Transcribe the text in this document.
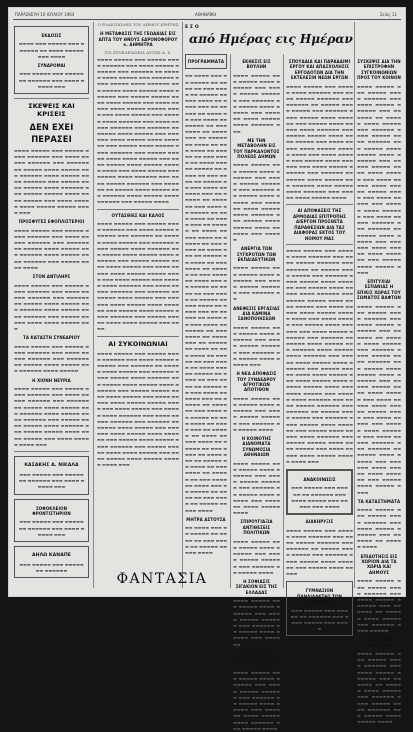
ΠΑΡΑΣΚΕΥΗ 10 ΙΟΥΛΙΟΥ 1964	ΑΘΗΝΑΪΚΗ	Σελίς 11
από Ημέρας εις Ημέραν
ΕΚΔΟΣΙΣ
▬▬▬▬ ▬▬▬ ▬▬▬▬▬ ▬▬▬ ▬▬▬▬▬▬ ▬▬ ▬▬▬▬ ▬▬▬▬▬ ▬▬▬ ▬▬▬▬
ΣΥΝΔΡΟΜΑΙ
▬▬▬ ▬▬▬▬▬ ▬▬▬ ▬▬▬▬▬ ▬▬ ▬▬▬▬▬▬ ▬▬▬ ▬▬▬▬ ▬▬▬▬▬ ▬▬▬
ΣΚΕΨΕΙΣ ΚΑΙ ΚΡΙΣΕΙΣ
ΔΕΝ ΕΧΕΙ ΠΕΡΑΣΕΙ
▬▬▬▬ ▬▬▬▬▬ ▬▬▬ ▬▬▬▬▬ ▬▬▬▬ ▬▬▬▬▬▬ ▬▬▬ ▬▬▬▬ ▬▬▬▬▬ ▬▬▬▬▬▬ ▬▬▬ ▬▬▬▬▬▬ ▬▬ ▬▬▬▬▬ ▬▬▬▬ ▬▬▬▬▬ ▬▬▬ ▬▬▬▬▬▬ ▬▬▬▬ ▬▬▬▬▬ ▬▬▬▬ ▬▬▬▬▬▬ ▬▬▬ ▬▬▬▬▬ ▬▬▬▬ ▬▬▬▬▬ ▬▬▬▬ ▬▬▬▬▬▬ ▬▬▬ ▬▬▬▬▬ ▬▬▬▬▬ ▬▬▬▬ ▬▬▬▬ ▬▬▬▬▬ ▬▬▬ ▬▬▬▬ ▬▬▬▬▬ ▬▬▬▬ ▬▬▬▬▬ ▬▬▬▬▬ ▬▬▬▬ ▬▬▬
ΠΡΟΣΦΥΓΕΣ ΕΦΟΠΛΙΣΤΕΡΙΟΙ
▬▬▬▬ ▬▬▬▬▬ ▬▬▬ ▬▬▬▬▬ ▬▬▬▬ ▬▬▬▬▬▬ ▬▬▬ ▬▬▬▬ ▬▬▬▬▬ ▬▬▬▬▬▬ ▬▬▬ ▬▬▬▬▬▬ ▬▬ ▬▬▬▬▬ ▬▬▬▬ ▬▬▬▬▬ ▬▬▬ ▬▬▬▬▬▬ ▬▬▬▬ ▬▬▬▬▬ ▬▬▬▬ ▬▬▬▬▬▬ ▬▬▬ ▬▬▬▬▬ ▬▬▬▬ ▬▬▬▬
ΣΤΟΝ ΑΝΤΙΛΗΡΣ
▬▬▬▬ ▬▬▬▬▬ ▬▬▬ ▬▬▬▬▬ ▬▬▬▬ ▬▬▬▬▬▬ ▬▬▬ ▬▬▬▬ ▬▬▬▬▬ ▬▬▬▬▬▬ ▬▬▬ ▬▬▬▬▬▬ ▬▬ ▬▬▬▬▬ ▬▬▬▬ ▬▬▬▬▬ ▬▬▬ ▬▬▬▬▬▬ ▬▬▬▬ ▬▬▬▬▬ ▬▬▬▬ ▬▬▬▬▬▬ ▬▬▬ ▬▬▬▬▬ ▬▬▬▬▬ ▬▬▬▬ ▬▬▬▬ ▬▬▬▬▬ ▬▬▬
ΤΑ ΚΑΤΑΣΤΗ ΣΥΝΕΔΡΙΟΥ
▬▬▬▬ ▬▬▬▬▬ ▬▬▬ ▬▬▬▬▬ ▬▬▬▬ ▬▬▬▬▬▬ ▬▬▬ ▬▬▬▬ ▬▬▬▬▬ ▬▬▬▬▬▬ ▬▬▬ ▬▬▬▬▬▬ ▬▬ ▬▬▬▬▬ ▬▬▬▬ ▬▬▬▬▬ ▬▬▬ ▬▬▬▬▬▬ ▬▬▬▬ ▬▬▬▬▬
Η ΧΙΟΝΗ ΝΕΥΡΙΑ
▬▬▬▬ ▬▬▬▬▬ ▬▬▬ ▬▬▬▬▬ ▬▬▬▬ ▬▬▬▬▬▬ ▬▬▬ ▬▬▬▬ ▬▬▬▬▬ ▬▬▬▬▬▬ ▬▬▬ ▬▬▬▬▬▬ ▬▬ ▬▬▬▬▬ ▬▬▬▬ ▬▬▬▬▬ ▬▬▬ ▬▬▬▬▬▬ ▬▬▬▬ ▬▬▬▬▬ ▬▬▬▬ ▬▬▬▬▬▬ ▬▬▬ ▬▬▬▬▬ ▬▬▬▬ ▬▬▬▬▬ ▬▬▬▬ ▬▬▬▬▬▬ ▬▬▬ ▬▬▬▬▬ ▬▬▬▬▬ ▬▬▬▬ ▬▬▬▬ ▬▬▬▬▬ ▬▬▬ ▬▬▬▬ ▬▬▬▬▬ ▬▬▬▬ ▬▬▬
ΚΑΣΑΚΗΣ Α. ΝΙΚΑΛΑ
▬▬▬ ▬▬▬▬▬ ▬▬▬ ▬▬▬▬▬ ▬▬ ▬▬▬▬▬▬ ▬▬▬ ▬▬▬▬ ▬▬▬▬▬ ▬▬▬
ΣΟΦΟΚΛΕΙΟΝ ΦΡΟΝΤΙΣΤΗΡΙΟΝ
▬▬▬ ▬▬▬▬▬ ▬▬▬ ▬▬▬▬▬ ▬▬ ▬▬▬▬▬▬ ▬▬▬ ▬▬▬▬ ▬▬▬▬▬ ▬▬▬
ΔΗΛΩ ΚΑΝΑΠΕ
▬▬▬ ▬▬▬▬▬ ▬▬▬ ▬▬▬▬▬ ▬▬ ▬▬▬▬▬▬
Ο ΕΛΑΙΟΠΩΛΗΣ ΤΟΥ ΔΗΜΟΥ ΚΡΗΤΗΣ
Η ΜΕΤΑΦΑΣΙΣ ΤΗΣ ΓΕΩΔΑΙΑΣ ΕΙΣ ΑΠΤΑ ΤΟΥ ΘΝΟΥΣ ΕΔΡΟΝΟΦΟΡΟΥ κ. ΔΗΜΗΤΡΑ
ΤΙΣ ΣΥΝΕΔΡΙΑΣΕΙΣ ΑΥΤΗΣ Α. Σ.
▬▬▬▬ ▬▬▬▬▬ ▬▬▬ ▬▬▬▬▬ ▬▬▬▬ ▬▬▬▬▬▬ ▬▬▬ ▬▬▬▬ ▬▬▬▬▬ ▬▬▬▬▬▬ ▬▬▬ ▬▬▬▬▬▬ ▬▬ ▬▬▬▬▬ ▬▬▬▬ ▬▬▬▬▬ ▬▬▬ ▬▬▬▬▬▬ ▬▬▬▬ ▬▬▬▬▬ ▬▬▬▬ ▬▬▬▬▬▬ ▬▬▬ ▬▬▬▬▬ ▬▬▬▬ ▬▬▬▬▬ ▬▬▬▬ ▬▬▬▬▬▬ ▬▬▬ ▬▬▬▬▬ ▬▬▬▬▬ ▬▬▬▬ ▬▬▬▬ ▬▬▬▬▬ ▬▬▬ ▬▬▬▬ ▬▬▬▬▬ ▬▬▬▬ ▬▬▬▬▬ ▬▬▬▬▬ ▬▬▬▬ ▬▬▬ ▬▬▬▬ ▬▬▬▬▬ ▬▬▬ ▬▬▬▬▬ ▬▬▬▬ ▬▬▬▬▬▬ ▬▬▬ ▬▬▬▬ ▬▬▬▬▬ ▬▬▬▬▬▬ ▬▬▬ ▬▬▬▬▬▬ ▬▬ ▬▬▬▬▬ ▬▬▬▬ ▬▬▬▬▬ ▬▬▬ ▬▬▬▬▬▬ ▬▬▬▬ ▬▬▬▬▬ ▬▬▬▬ ▬▬▬▬▬▬ ▬▬▬ ▬▬▬▬▬ ▬▬▬▬ ▬▬▬▬▬ ▬▬▬▬ ▬▬▬▬▬▬ ▬▬▬ ▬▬▬▬▬ ▬▬▬▬▬ ▬▬▬▬ ▬▬▬▬ ▬▬▬▬▬ ▬▬▬ ▬▬▬▬ ▬▬▬▬▬ ▬▬▬▬ ▬▬▬▬▬ ▬▬▬▬▬ ▬▬▬▬ ▬▬▬ ▬▬▬▬ ▬▬▬▬▬ ▬▬▬ ▬▬▬▬▬ ▬▬▬▬ ▬▬▬▬▬▬ ▬▬▬ ▬▬▬▬ ▬▬▬▬▬ ▬▬▬▬▬▬ ▬▬▬ ▬▬▬▬▬▬ ▬▬ ▬▬▬▬▬ ▬▬▬▬ ▬▬▬▬▬ ▬▬▬ ▬▬▬▬▬▬ ▬▬▬▬ ▬▬▬▬▬ ▬▬▬▬ ▬▬▬▬▬▬ ▬▬▬ ▬▬▬▬▬ ▬▬▬▬
ΟΥΤΑΣΘΙΕΣ ΚΑΙ ΚΑΛΟΣ
▬▬▬▬ ▬▬▬▬▬ ▬▬▬ ▬▬▬▬▬ ▬▬▬▬ ▬▬▬▬▬▬ ▬▬▬ ▬▬▬▬ ▬▬▬▬▬ ▬▬▬▬▬▬ ▬▬▬ ▬▬▬▬▬▬ ▬▬ ▬▬▬▬▬ ▬▬▬▬ ▬▬▬▬▬ ▬▬▬ ▬▬▬▬▬▬ ▬▬▬▬ ▬▬▬▬▬ ▬▬▬▬ ▬▬▬▬▬▬ ▬▬▬ ▬▬▬▬▬ ▬▬▬▬ ▬▬▬▬▬ ▬▬▬▬ ▬▬▬▬▬▬ ▬▬▬ ▬▬▬▬▬ ▬▬▬▬▬ ▬▬▬▬ ▬▬▬▬ ▬▬▬▬▬ ▬▬▬ ▬▬▬▬ ▬▬▬▬▬ ▬▬▬▬ ▬▬▬▬▬ ▬▬▬▬▬ ▬▬▬▬ ▬▬▬ ▬▬▬▬ ▬▬▬▬▬ ▬▬▬ ▬▬▬▬▬ ▬▬▬▬ ▬▬▬▬▬▬ ▬▬▬ ▬▬▬▬ ▬▬▬▬▬ ▬▬▬▬▬▬ ▬▬▬ ▬▬▬▬▬▬ ▬▬ ▬▬▬▬▬ ▬▬▬▬ ▬▬▬▬▬ ▬▬▬ ▬▬▬▬▬▬ ▬▬▬▬ ▬▬▬▬▬ ▬▬▬▬ ▬▬▬▬▬▬ ▬▬▬ ▬▬▬▬▬ ▬▬▬▬ ▬▬▬▬▬ ▬▬▬▬ ▬▬▬▬▬▬ ▬▬▬ ▬▬▬▬▬ ▬▬▬▬▬ ▬▬▬▬ ▬▬▬▬ ▬▬▬▬▬ ▬▬▬ ▬▬▬▬
ΑΙ ΣΥΚΟΙΝΩΝΙΑΙ
▬▬▬▬ ▬▬▬▬▬ ▬▬▬ ▬▬▬▬▬ ▬▬▬▬ ▬▬▬▬▬▬ ▬▬▬ ▬▬▬▬ ▬▬▬▬▬ ▬▬▬▬▬▬ ▬▬▬ ▬▬▬▬▬▬ ▬▬ ▬▬▬▬▬ ▬▬▬▬ ▬▬▬▬▬ ▬▬▬ ▬▬▬▬▬▬ ▬▬▬▬ ▬▬▬▬▬ ▬▬▬▬ ▬▬▬▬▬▬ ▬▬▬ ▬▬▬▬▬ ▬▬▬▬ ▬▬▬▬▬ ▬▬▬▬ ▬▬▬▬▬▬ ▬▬▬ ▬▬▬▬▬ ▬▬▬▬▬ ▬▬▬▬ ▬▬▬▬ ▬▬▬▬▬ ▬▬▬ ▬▬▬▬ ▬▬▬▬▬ ▬▬▬▬ ▬▬▬▬▬ ▬▬▬▬▬ ▬▬▬▬ ▬▬▬ ▬▬▬▬ ▬▬▬▬▬ ▬▬▬ ▬▬▬▬▬ ▬▬▬▬ ▬▬▬▬▬▬ ▬▬▬ ▬▬▬▬ ▬▬▬▬▬ ▬▬▬▬▬▬ ▬▬▬ ▬▬▬▬▬▬ ▬▬ ▬▬▬▬▬ ▬▬▬▬ ▬▬▬▬▬ ▬▬▬ ▬▬▬▬▬▬ ▬▬▬▬ ▬▬▬▬▬ ▬▬▬▬ ▬▬▬▬▬▬ ▬▬▬ ▬▬▬▬▬ ▬▬▬▬ ▬▬▬▬▬ ▬▬▬▬ ▬▬▬▬▬▬ ▬▬▬ ▬▬▬▬▬ ▬▬▬▬▬ ▬▬▬▬ ▬▬▬▬ ▬▬▬▬▬ ▬▬▬ ▬▬▬▬ ▬▬▬▬▬ ▬▬▬▬ ▬▬▬▬▬ ▬▬▬▬▬ ▬▬▬▬ ▬▬▬
ΦΑΝΤΑΣΙΑ
Ε Σ Ο
ΠΡΟΓΡΑΜΜΑΤΑ
▬▬ ▬▬▬▬ ▬▬▬ ▬▬ ▬▬▬▬▬ ▬▬ ▬▬▬▬ ▬▬ ▬▬▬ ▬▬▬▬ ▬▬ ▬▬▬▬▬ ▬▬ ▬▬▬ ▬▬▬▬ ▬▬ ▬▬▬▬ ▬▬▬ ▬▬ ▬▬▬▬▬ ▬▬ ▬▬▬▬ ▬▬ ▬▬▬ ▬▬▬▬ ▬▬ ▬▬▬▬▬ ▬▬ ▬▬▬ ▬▬▬▬ ▬▬ ▬▬▬▬ ▬▬▬ ▬▬ ▬▬▬▬▬ ▬▬ ▬▬▬▬ ▬▬ ▬▬▬ ▬▬▬▬ ▬▬ ▬▬▬▬▬ ▬▬ ▬▬▬ ▬▬▬▬ ▬▬ ▬▬▬▬ ▬▬▬ ▬▬ ▬▬▬▬▬ ▬▬ ▬▬▬▬ ▬▬ ▬▬▬ ▬▬▬▬ ▬▬ ▬▬▬▬▬ ▬▬ ▬▬▬ ▬▬▬▬ ▬▬ ▬▬▬▬ ▬▬▬ ▬▬ ▬▬▬▬▬ ▬▬ ▬▬▬▬ ▬▬ ▬▬▬ ▬▬▬▬ ▬▬ ▬▬▬▬▬ ▬▬ ▬▬▬ ▬▬▬▬ ▬▬ ▬▬▬▬ ▬▬▬ ▬▬ ▬▬▬▬▬ ▬▬ ▬▬▬▬ ▬▬ ▬▬▬ ▬▬▬▬ ▬▬ ▬▬▬▬▬ ▬▬ ▬▬▬ ▬▬▬▬ ▬▬ ▬▬▬▬ ▬▬▬ ▬▬ ▬▬▬▬▬ ▬▬ ▬▬▬▬ ▬▬ ▬▬▬ ▬▬▬▬ ▬▬ ▬▬▬▬▬ ▬▬ ▬▬▬ ▬▬▬▬ ▬▬ ▬▬▬▬ ▬▬▬ ▬▬ ▬▬▬▬▬ ▬▬ ▬▬▬▬ ▬▬ ▬▬▬ ▬▬▬▬ ▬▬ ▬▬▬▬▬ ▬▬ ▬▬▬ ▬▬▬▬ ▬▬ ▬▬▬▬ ▬▬▬ ▬▬ ▬▬▬▬▬ ▬▬ ▬▬▬▬ ▬▬ ▬▬▬ ▬▬▬▬ ▬▬ ▬▬▬▬▬ ▬▬ ▬▬▬ ▬▬▬▬ ▬▬ ▬▬▬▬ ▬▬▬ ▬▬ ▬▬▬▬▬ ▬▬ ▬▬▬▬ ▬▬ ▬▬▬ ▬▬▬▬ ▬▬ ▬▬▬▬▬ ▬▬ ▬▬▬ ▬▬▬▬ ▬▬ ▬▬▬▬ ▬▬▬ ▬▬ ▬▬▬▬▬ ▬▬ ▬▬▬▬ ▬▬ ▬▬▬ ▬▬▬▬ ▬▬ ▬▬▬▬▬ ▬▬ ▬▬▬ ▬▬▬▬ ▬▬ ▬▬▬▬ ▬▬▬ ▬▬ ▬▬▬▬▬ ▬▬ ▬▬▬▬ ▬▬ ▬▬▬ ▬▬▬▬ ▬▬ ▬▬▬▬▬ ▬▬ ▬▬▬ ▬▬▬▬ ▬▬ ▬▬▬▬ ▬▬▬ ▬▬ ▬▬▬▬▬ ▬▬ ▬▬▬▬ ▬▬ ▬▬▬ ▬▬▬▬ ▬▬ ▬▬▬▬▬ ▬▬ ▬▬▬ ▬▬▬▬ ▬▬ ▬▬▬▬ ▬▬▬ ▬▬ ▬▬▬▬▬ ▬▬ ▬▬▬▬ ▬▬ ▬▬▬ ▬▬▬▬ ▬▬ ▬▬▬▬▬ ▬▬ ▬▬▬ ▬▬▬▬ ▬▬ ▬▬▬▬ ▬▬▬ ▬▬ ▬▬▬▬▬ ▬▬ ▬▬▬▬ ▬▬ ▬▬▬ ▬▬▬▬ ▬▬ ▬▬▬▬▬ ▬▬ ▬▬▬ ▬▬▬▬
ΜΗΤΡΑ ΑΣΤΟΥΣΑ
▬▬ ▬▬▬▬ ▬▬▬ ▬▬ ▬▬▬▬▬ ▬▬ ▬▬▬▬ ▬▬ ▬▬▬ ▬▬▬▬ ▬▬ ▬▬▬▬▬ ▬▬ ▬▬▬ ▬▬▬▬
ΕΚΘΕΣΙΣ ΕΙΣ ΒΟΥΛΗΝ
▬▬▬▬ ▬▬▬▬▬ ▬▬▬ ▬▬▬▬▬ ▬▬▬▬ ▬▬▬▬▬▬ ▬▬▬ ▬▬▬▬ ▬▬▬▬▬ ▬▬▬▬▬▬ ▬▬▬ ▬▬▬▬▬▬ ▬▬ ▬▬▬▬▬ ▬▬▬▬ ▬▬▬▬▬ ▬▬▬ ▬▬▬▬▬▬ ▬▬▬▬ ▬▬▬▬▬ ▬▬▬▬ ▬▬▬▬▬▬ ▬▬▬
ΜΕ ΤΗΝ ΜΕΤΑΒΟΛΗΝ ΕΙΣ ΤΟΥ ΠΑΡΚΑΛΟΝΤΟΣ ΠΟΛΕΩΣ ΔΗΜΩΝ
▬▬▬▬ ▬▬▬▬▬ ▬▬▬ ▬▬▬▬▬ ▬▬▬▬ ▬▬▬▬▬▬ ▬▬▬ ▬▬▬▬ ▬▬▬▬▬ ▬▬▬▬▬▬ ▬▬▬ ▬▬▬▬▬▬ ▬▬ ▬▬▬▬▬ ▬▬▬▬ ▬▬▬▬▬ ▬▬▬ ▬▬▬▬▬▬ ▬▬▬▬ ▬▬▬▬▬ ▬▬▬▬ ▬▬▬▬▬▬ ▬▬▬ ▬▬▬▬▬ ▬▬▬▬ ▬▬▬▬▬ ▬▬▬▬ ▬▬▬▬▬▬ ▬▬▬ ▬▬▬▬▬
ΑΝΕΡΓΙΑ ΤΩΝ ΣΥΓΚΡΟΤΩΝ ΤΩΝ ΕΚΠΑΙΔΕΥΤΙΚΩΝ
▬▬▬▬ ▬▬▬▬▬ ▬▬▬ ▬▬▬▬▬ ▬▬▬▬ ▬▬▬▬▬▬ ▬▬▬ ▬▬▬▬ ▬▬▬▬▬ ▬▬▬▬▬▬ ▬▬▬ ▬▬▬▬▬▬ ▬▬
ΑΝΕΦΕΣΙΣ ΕΡΓΑΣΙΑΣ ΔΙΑ ΚΑΜΙΝΑ ΣΑΝΟΠΟΙΗΣΕΩΝ
▬▬▬▬ ▬▬▬▬▬ ▬▬▬ ▬▬▬▬▬ ▬▬▬▬ ▬▬▬▬▬▬ ▬▬▬ ▬▬▬▬ ▬▬▬▬▬ ▬▬▬▬▬▬ ▬▬▬ ▬▬▬▬▬▬ ▬▬ ▬▬▬▬▬ ▬▬▬▬ ▬▬▬▬▬ ▬▬▬
Η ΝΕΑ ΑΠΟΦΑΣΙΣ ΤΟΥ ΣΥΝΔΕΔΡΟΥ ΑΓΡΟΤΙΚΩΝ ΑΠΟΤΙΘΟΝ
▬▬▬▬ ▬▬▬▬▬ ▬▬▬ ▬▬▬▬▬ ▬▬▬▬ ▬▬▬▬▬▬ ▬▬▬ ▬▬▬▬ ▬▬▬▬▬ ▬▬▬▬▬▬ ▬▬▬ ▬▬▬▬▬▬ ▬▬ ▬▬▬▬▬ ▬▬▬▬
Η ΚΟΙΝΟΤΗΣ ΔΙΑΝΟΜΑΤΑ ΣΥΝΩΜΟΣΙΑ ΑΘΗΝΑΙΩΝ
▬▬▬▬ ▬▬▬▬▬ ▬▬▬ ▬▬▬▬▬ ▬▬▬▬ ▬▬▬▬▬▬ ▬▬▬ ▬▬▬▬ ▬▬▬▬▬ ▬▬▬▬▬▬ ▬▬▬ ▬▬▬▬▬▬ ▬▬ ▬▬▬▬▬ ▬▬▬▬ ▬▬▬▬▬ ▬▬▬ ▬▬▬▬▬▬ ▬▬▬▬ ▬▬▬▬▬ ▬▬▬▬
ΣΠΙΡΟΥΓΙΑΞΙΑ ΑΝΤΙΘΕΣΕΙΣ ΠΟΛΙΤΙΚΩΝ
▬▬▬▬ ▬▬▬▬▬ ▬▬▬ ▬▬▬▬▬ ▬▬▬▬ ▬▬▬▬▬▬ ▬▬▬ ▬▬▬▬ ▬▬▬▬▬ ▬▬▬▬▬▬ ▬▬▬ ▬▬▬▬▬▬ ▬▬ ▬▬▬▬▬ ▬▬▬▬
Η ΣΟΦΙΑΣΙΣ ΣΙΓΑΚΙΟΝ ΕΙΣ ΤΗΣ ΕΛΛΑΔΑΣ
▬▬▬▬ ▬▬▬▬▬ ▬▬▬ ▬▬▬▬▬ ▬▬▬▬ ▬▬▬▬▬▬ ▬▬▬ ▬▬▬▬ ▬▬▬▬▬ ▬▬▬▬▬▬ ▬▬▬ ▬▬▬▬▬▬ ▬▬ ▬▬▬▬▬ ▬▬▬▬ ▬▬▬▬▬ ▬▬▬ ▬▬▬▬▬▬
ΑΝΑΖΗΤΗΣΙΣ ΤΟΥ ΠΟΛΙΤΟΥ ΟΠΤΙΚΟΥ ΤΟΥ ΚΥΡΙΑΡΧ
▬▬▬▬ ▬▬▬▬▬ ▬▬▬ ▬▬▬▬▬ ▬▬▬▬ ▬▬▬▬▬▬ ▬▬▬ ▬▬▬▬ ▬▬▬▬▬ ▬▬▬▬▬▬ ▬▬▬ ▬▬▬▬▬▬ ▬▬ ▬▬▬▬▬ ▬▬▬▬ ▬▬▬▬▬ ▬▬▬ ▬▬▬▬▬▬ ▬▬▬▬ ▬▬▬▬▬ ▬▬▬▬ ▬▬▬▬▬▬ ▬▬▬ ▬▬▬▬▬ ▬▬▬▬
ΣΠΟΥΔΑΙΑ ΚΑΙ ΠΑΡΑΔΑΙΜΙ ΕΡΓΟΥ ΚΑΙ ΑΠΑΣΧΟΛΗΣΙΣ ΕΡΓΟΔΟΤΩΝ ΔΙΑ ΤΗΝ ΕΚΤΕΛΕΣΙΝ ΝΕΩΝ ΕΡΓΩΝ
▬▬▬▬ ▬▬▬▬▬ ▬▬▬ ▬▬▬▬▬ ▬▬▬▬ ▬▬▬▬▬▬ ▬▬▬ ▬▬▬▬ ▬▬▬▬▬ ▬▬▬▬▬▬ ▬▬▬ ▬▬▬▬▬▬ ▬▬ ▬▬▬▬▬ ▬▬▬▬ ▬▬▬▬▬ ▬▬▬ ▬▬▬▬▬▬ ▬▬▬▬ ▬▬▬▬▬ ▬▬▬▬ ▬▬▬▬▬▬ ▬▬▬ ▬▬▬▬▬ ▬▬▬▬ ▬▬▬▬▬ ▬▬▬▬ ▬▬▬▬▬▬ ▬▬▬ ▬▬▬▬▬ ▬▬▬▬▬ ▬▬▬▬ ▬▬▬▬ ▬▬▬▬▬ ▬▬▬ ▬▬▬▬ ▬▬▬▬▬ ▬▬▬▬ ▬▬▬▬▬ ▬▬▬▬▬ ▬▬▬▬ ▬▬▬ ▬▬▬▬ ▬▬▬▬▬ ▬▬▬ ▬▬▬▬▬ ▬▬▬▬ ▬▬▬▬▬▬ ▬▬▬ ▬▬▬▬ ▬▬▬▬▬ ▬▬▬▬▬▬ ▬▬▬ ▬▬▬▬▬▬ ▬▬ ▬▬▬▬▬ ▬▬▬▬ ▬▬▬▬▬ ▬▬▬ ▬▬▬▬▬▬ ▬▬▬▬ ▬▬▬▬▬ ▬▬▬▬ ▬▬▬▬▬▬ ▬▬▬ ▬▬▬▬▬ ▬▬▬▬ ▬▬▬▬▬ ▬▬▬▬
ΑΙ ΑΠΟΦΑΣΕΙΣ ΤΗΣ ΑΡΜΟΔΙΑΣ ΕΠΙΤΡΟΠΗΣ ΔΙΕΡΓΟΝ ΠΡΟΣΘΕΤΑ ΠΑΡΑΘΕΣΙΩΝ ΔΙΑ ΤΑΣ ΔΙΑΦΟΡΑΣ ΕΚΤΟΣ ΤΟΥ ΝΟΜΟΥ ΜΑΣ
▬▬▬▬ ▬▬▬▬▬ ▬▬▬ ▬▬▬▬▬ ▬▬▬▬ ▬▬▬▬▬▬ ▬▬▬ ▬▬▬▬ ▬▬▬▬▬ ▬▬▬▬▬▬ ▬▬▬ ▬▬▬▬▬▬ ▬▬ ▬▬▬▬▬ ▬▬▬▬ ▬▬▬▬▬ ▬▬▬ ▬▬▬▬▬▬ ▬▬▬▬ ▬▬▬▬▬ ▬▬▬▬ ▬▬▬▬▬▬ ▬▬▬ ▬▬▬▬▬ ▬▬▬▬ ▬▬▬▬▬ ▬▬▬▬ ▬▬▬▬▬▬ ▬▬▬ ▬▬▬▬▬ ▬▬▬▬▬ ▬▬▬▬ ▬▬▬▬ ▬▬▬▬▬ ▬▬▬ ▬▬▬▬ ▬▬▬▬▬ ▬▬▬▬ ▬▬▬▬▬ ▬▬▬▬▬ ▬▬▬▬ ▬▬▬ ▬▬▬▬ ▬▬▬▬▬ ▬▬▬ ▬▬▬▬▬ ▬▬▬▬ ▬▬▬▬▬▬ ▬▬▬ ▬▬▬▬ ▬▬▬▬▬ ▬▬▬▬▬▬ ▬▬▬ ▬▬▬▬▬▬ ▬▬ ▬▬▬▬▬ ▬▬▬▬ ▬▬▬▬▬ ▬▬▬ ▬▬▬▬▬▬ ▬▬▬▬ ▬▬▬▬▬ ▬▬▬▬ ▬▬▬▬▬▬ ▬▬▬ ▬▬▬▬▬ ▬▬▬▬ ▬▬▬▬▬ ▬▬▬▬ ▬▬▬▬▬▬ ▬▬▬ ▬▬▬▬▬ ▬▬▬▬▬ ▬▬▬▬ ▬▬▬▬ ▬▬▬▬▬ ▬▬▬ ▬▬▬▬ ▬▬▬▬▬ ▬▬▬▬ ▬▬▬▬▬ ▬▬▬▬▬ ▬▬▬▬ ▬▬▬ ▬▬▬▬ ▬▬▬▬▬ ▬▬▬ ▬▬▬▬▬ ▬▬▬▬ ▬▬▬▬▬▬ ▬▬▬ ▬▬▬▬ ▬▬▬▬▬ ▬▬▬▬▬▬ ▬▬▬ ▬▬▬▬▬▬ ▬▬ ▬▬▬▬▬ ▬▬▬▬ ▬▬▬▬▬ ▬▬▬ ▬▬▬▬▬▬ ▬▬▬▬ ▬▬▬▬▬ ▬▬▬▬ ▬▬▬▬▬▬ ▬▬▬ ▬▬▬▬▬ ▬▬▬▬ ▬▬▬▬▬ ▬▬▬▬ ▬▬▬▬▬▬ ▬▬▬ ▬▬▬▬▬ ▬▬▬▬▬ ▬▬▬▬ ▬▬▬▬ ▬▬▬▬▬ ▬▬▬ ▬▬▬▬ ▬▬▬▬▬ ▬▬▬▬ ▬▬▬▬▬ ▬▬▬▬▬ ▬▬▬▬ ▬▬▬
ΑΝΑΚΟΙΝΩΣΙΣ
▬▬▬ ▬▬▬▬▬ ▬▬▬ ▬▬▬▬▬ ▬▬ ▬▬▬▬▬▬ ▬▬▬ ▬▬▬▬ ▬▬▬▬▬ ▬▬▬ ▬▬▬▬▬ ▬▬▬ ▬▬▬▬
ΔΙΑΚΗΡΥΞΙΣ
▬▬▬▬ ▬▬▬▬▬ ▬▬▬ ▬▬▬▬▬ ▬▬▬▬ ▬▬▬▬▬▬ ▬▬▬ ▬▬▬▬ ▬▬▬▬▬ ▬▬▬▬▬▬ ▬▬▬ ▬▬▬▬▬▬ ▬▬ ▬▬▬▬▬ ▬▬▬▬ ▬▬▬▬▬ ▬▬▬ ▬▬▬▬▬▬ ▬▬▬▬ ▬▬▬▬▬ ▬▬▬▬ ▬▬▬▬▬▬ ▬▬▬ ▬▬▬▬▬ ▬▬▬▬ ▬▬▬▬▬
ΓΥΜΝΑΣΙΟΝ ΠΑΝΔΙΔΑΚΤΗΣ ΤΩΝ ΚΛΑΣΣΙΚΩΝ
▬▬▬ ▬▬▬▬▬ ▬▬▬ ▬▬▬▬▬ ▬▬ ▬▬▬▬▬▬ ▬▬▬ ▬▬▬▬ ▬▬▬▬▬ ▬▬▬ ▬▬▬▬
ΣΥΣΚΕΨΙΣ ΔΙΑ ΤΗΝ ΕΠΙΣΤΡΟΦΗΝ ΣΥΓΚΟΙΝΩΝΙΩΝ ΠΡΟΣ ΤΟΥ ΚΟΙΝΟΝ
▬▬▬▬ ▬▬▬▬▬ ▬▬▬ ▬▬▬▬▬ ▬▬▬▬ ▬▬▬▬▬▬ ▬▬▬ ▬▬▬▬ ▬▬▬▬▬ ▬▬▬▬▬▬ ▬▬▬ ▬▬▬▬▬▬ ▬▬ ▬▬▬▬▬ ▬▬▬▬ ▬▬▬▬▬ ▬▬▬ ▬▬▬▬▬▬ ▬▬▬▬ ▬▬▬▬▬ ▬▬▬▬ ▬▬▬▬▬▬ ▬▬▬ ▬▬▬▬▬ ▬▬▬▬ ▬▬▬▬▬ ▬▬▬▬ ▬▬▬▬▬▬ ▬▬▬ ▬▬▬▬▬ ▬▬▬▬▬ ▬▬▬▬ ▬▬▬▬ ▬▬▬▬▬ ▬▬▬ ▬▬▬▬ ▬▬▬▬▬ ▬▬▬▬ ▬▬▬▬▬ ▬▬▬▬▬ ▬▬▬▬ ▬▬▬ ▬▬▬▬ ▬▬▬▬▬ ▬▬▬ ▬▬▬▬▬ ▬▬▬▬ ▬▬▬▬▬▬ ▬▬▬ ▬▬▬▬ ▬▬▬▬▬ ▬▬▬▬▬▬ ▬▬▬ ▬▬▬▬▬▬ ▬▬ ▬▬▬▬▬ ▬▬▬▬ ▬▬▬▬▬ ▬▬▬ ▬▬▬▬▬▬ ▬▬▬▬ ▬▬▬▬▬ ▬▬▬▬ ▬▬▬▬▬▬ ▬▬▬ ▬▬▬▬▬ ▬▬▬▬ ▬▬▬▬▬ ▬▬▬▬
ΕΠΙΤΥΧΙΑΙ ΕΣΠΑΝΙΑΣ Η ΕΠΙΚΙΣ ΧΩΡΑΣ ΤΟΥ ΣΩΜΑΤΟΣ ΒΑΦΤΩΝ
▬▬▬▬ ▬▬▬▬▬ ▬▬▬ ▬▬▬▬▬ ▬▬▬▬ ▬▬▬▬▬▬ ▬▬▬ ▬▬▬▬ ▬▬▬▬▬ ▬▬▬▬▬▬ ▬▬▬ ▬▬▬▬▬▬ ▬▬ ▬▬▬▬▬ ▬▬▬▬ ▬▬▬▬▬ ▬▬▬ ▬▬▬▬▬▬ ▬▬▬▬ ▬▬▬▬▬ ▬▬▬▬ ▬▬▬▬▬▬ ▬▬▬ ▬▬▬▬▬ ▬▬▬▬ ▬▬▬▬▬ ▬▬▬▬ ▬▬▬▬▬▬ ▬▬▬ ▬▬▬▬▬ ▬▬▬▬▬ ▬▬▬▬ ▬▬▬▬ ▬▬▬▬▬ ▬▬▬ ▬▬▬▬ ▬▬▬▬▬ ▬▬▬▬ ▬▬▬▬▬ ▬▬▬▬▬ ▬▬▬▬ ▬▬▬ ▬▬▬▬ ▬▬▬▬▬ ▬▬▬ ▬▬▬▬▬ ▬▬▬▬ ▬▬▬▬▬▬ ▬▬▬ ▬▬▬▬ ▬▬▬▬▬ ▬▬▬▬▬▬ ▬▬▬ ▬▬▬▬▬▬ ▬▬ ▬▬▬▬▬ ▬▬▬▬ ▬▬▬▬▬ ▬▬▬ ▬▬▬▬▬▬ ▬▬▬▬ ▬▬▬▬▬ ▬▬▬▬ ▬▬▬▬▬▬ ▬▬▬ ▬▬▬▬▬ ▬▬▬▬ ▬▬▬▬▬ ▬▬▬▬
ΤΑ ΚΑΤΑΣΤΗΜΑΤΑ
▬▬▬▬ ▬▬▬▬▬ ▬▬▬ ▬▬▬▬▬ ▬▬▬▬ ▬▬▬▬▬▬ ▬▬▬ ▬▬▬▬ ▬▬▬▬▬ ▬▬▬▬▬▬ ▬▬▬ ▬▬▬▬▬▬ ▬▬ ▬▬▬▬▬ ▬▬▬▬
ΕΠΙΔΟΤΗΣΙΣ ΕΙΣ ΧΩΡΙΟΝ ΔΙΑ ΤΑ ΧΩΡΙΑ ΚΑΙ ΔΗΜΟΥΣ
▬▬▬▬ ▬▬▬▬▬ ▬▬▬ ▬▬▬▬▬ ▬▬▬▬ ▬▬▬▬▬▬ ▬▬▬ ▬▬▬▬ ▬▬▬▬▬ ▬▬▬▬▬▬ ▬▬▬ ▬▬▬▬▬▬ ▬▬ ▬▬▬▬▬ ▬▬▬▬ ▬▬▬▬▬ ▬▬▬ ▬▬▬▬▬▬ ▬▬▬▬ ▬▬▬▬▬
ΕΠΙΣΤΡΟΦΗ ΣΥΝΕΔΡΙΩΝ
▬▬▬▬ ▬▬▬▬▬ ▬▬▬ ▬▬▬▬▬ ▬▬▬▬ ▬▬▬▬▬▬ ▬▬▬ ▬▬▬▬ ▬▬▬▬▬ ▬▬▬▬▬▬ ▬▬▬ ▬▬▬▬▬▬ ▬▬ ▬▬▬▬▬ ▬▬▬▬ ▬▬▬▬▬ ▬▬▬ ▬▬▬▬▬▬ ▬▬▬▬ ▬▬▬▬▬ ▬▬▬▬ ▬▬▬▬▬▬ ▬▬▬ ▬▬▬▬▬ ▬▬▬▬ ▬▬▬▬▬ ▬▬▬▬
